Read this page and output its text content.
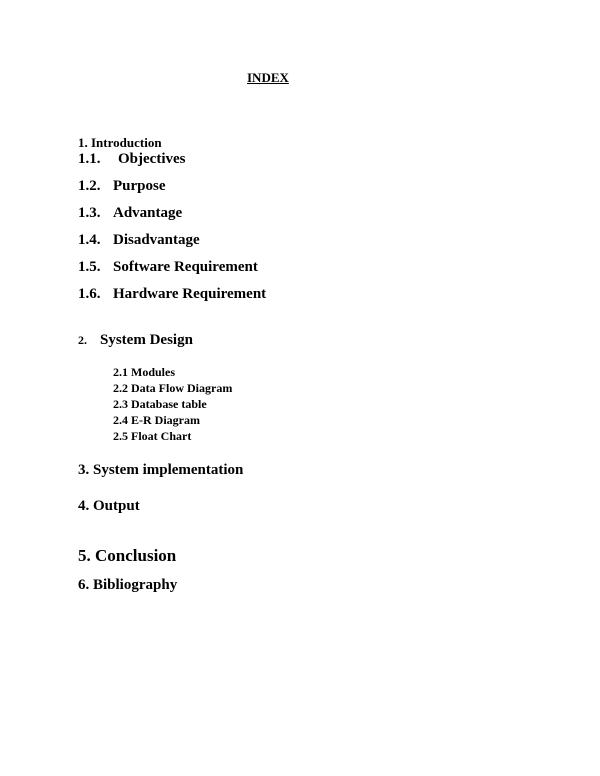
INDEX
1. Introduction
1.1. Objectives
1.2. Purpose
1.3. Advantage
1.4. Disadvantage
1.5. Software Requirement
1.6. Hardware Requirement
2. System Design
2.1 Modules
2.2 Data Flow Diagram
2.3 Database table
2.4 E-R Diagram
2.5 Float Chart
3. System implementation
4. Output
5. Conclusion
6. Bibliography
